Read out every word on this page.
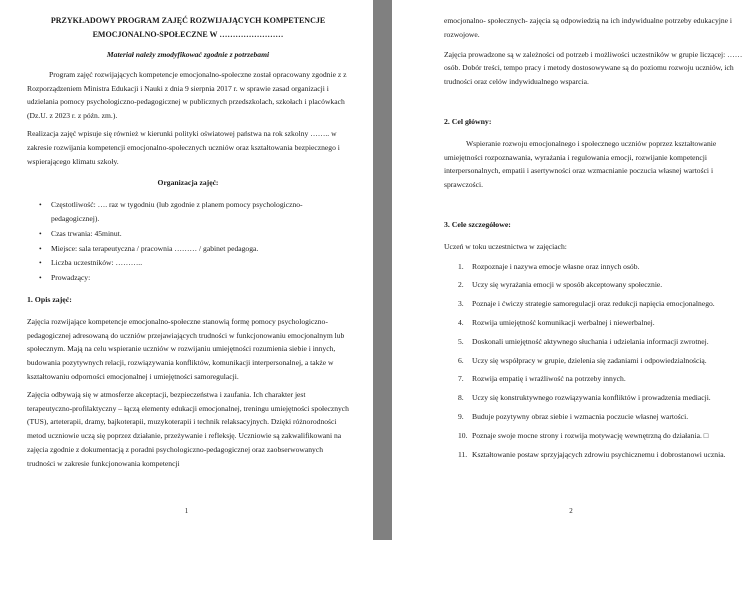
PRZYKŁADOWY PROGRAM ZAJĘĆ ROZWIJAJĄCYCH KOMPETENCJE
EMOCJONALNO-SPOŁECZNE W ……………………
Materiał należy zmodyfikować zgodnie z potrzebami

Program zajęć rozwijających kompetencje emocjonalno-społeczne został opracowany zgodnie z z Rozporządzeniem Ministra Edukacji i Nauki z dnia 9 sierpnia 2017 r. w sprawie zasad organizacji i udzielania pomocy psychologiczno-pedagogicznej w publicznych przedszkolach, szkołach i placówkach (Dz.U. z 2023 r. z późn. zm.).

Realizacja zajęć wpisuje się również w kierunki polityki oświatowej państwa na rok szkolny …….. w zakresie rozwijania kompetencji emocjonalno-społecznych uczniów oraz kształtowania bezpiecznego i wspierającego klimatu szkoły.

Organizacja zajęć:
• Częstotliwość: …. raz w tygodniu (lub zgodnie z planem pomocy psychologiczno-pedagogicznej).
• Czas trwania: 45minut.
• Miejsce: sala terapeutyczna / pracownia ……… / gabinet pedagoga.
• Liczba uczestników: ………..
• Prowadzący:
1. Opis zajęć:

Zajęcia rozwijające kompetencje emocjonalno-społeczne stanowią formę pomocy psychologiczno-pedagogicznej adresowaną do uczniów przejawiających trudności w funkcjonowaniu emocjonalnym lub społecznym. Mają na celu wspieranie uczniów w rozwijaniu umiejętności rozumienia siebie i innych, budowania pozytywnych relacji, rozwiązywania konfliktów, komunikacji interpersonalnej, a także w kształtowaniu odporności emocjonalnej i umiejętności samoregulacji.

Zajęcia odbywają się w atmosferze akceptacji, bezpieczeństwa i zaufania. Ich charakter jest terapeutyczno-profilaktyczny – łączą elementy edukacji emocjonalnej, treningu umiejętności społecznych (TUS), arteterapii, dramy, bajkoterapii, muzykoterapii i technik relaksacyjnych. Dzięki różnorodności metod uczniowie uczą się poprzez działanie, przeżywanie i refleksję. Uczniowie są zakwalifikowani na zajęcia zgodnie z dokumentacją z poradni psychologiczno-pedagogicznej oraz zaobserwowanych trudności w zakresie funkcjonowania kompetencji

1

emocjonalno- społecznych- zajęcia są odpowiedzią na ich indywidualne potrzeby edukacyjne i rozwojowe.

Zajęcia prowadzone są w zależności od potrzeb i możliwości uczestników w grupie liczącej: …… osób. Dobór treści, tempo pracy i metody dostosowywane są do poziomu rozwoju uczniów, ich trudności oraz celów indywidualnego wsparcia.

2. Cel główny:

Wspieranie rozwoju emocjonalnego i społecznego uczniów poprzez kształtowanie umiejętności rozpoznawania, wyrażania i regulowania emocji, rozwijanie kompetencji interpersonalnych, empatii i asertywności oraz wzmacnianie poczucia własnej wartości i sprawczości.

3. Cele szczegółowe:

Uczeń w toku uczestnictwa w zajęciach:

1. Rozpoznaje i nazywa emocje własne oraz innych osób.
2. Uczy się wyrażania emocji w sposób akceptowany społecznie.
3. Poznaje i ćwiczy strategie samoregulacji oraz redukcji napięcia emocjonalnego.
4. Rozwija umiejętność komunikacji werbalnej i niewerbalnej.
5. Doskonali umiejętność aktywnego słuchania i udzielania informacji zwrotnej.
6. Uczy się współpracy w grupie, dzielenia się zadaniami i odpowiedzialnością.
7. Rozwija empatię i wrażliwość na potrzeby innych.
8. Uczy się konstruktywnego rozwiązywania konfliktów i prowadzenia mediacji.
9. Buduje pozytywny obraz siebie i wzmacnia poczucie własnej wartości.
10. Poznaje swoje mocne strony i rozwija motywację wewnętrzną do działania. □
11. Kształtowanie postaw sprzyjających zdrowiu psychicznemu i dobrostanowi ucznia.
2
